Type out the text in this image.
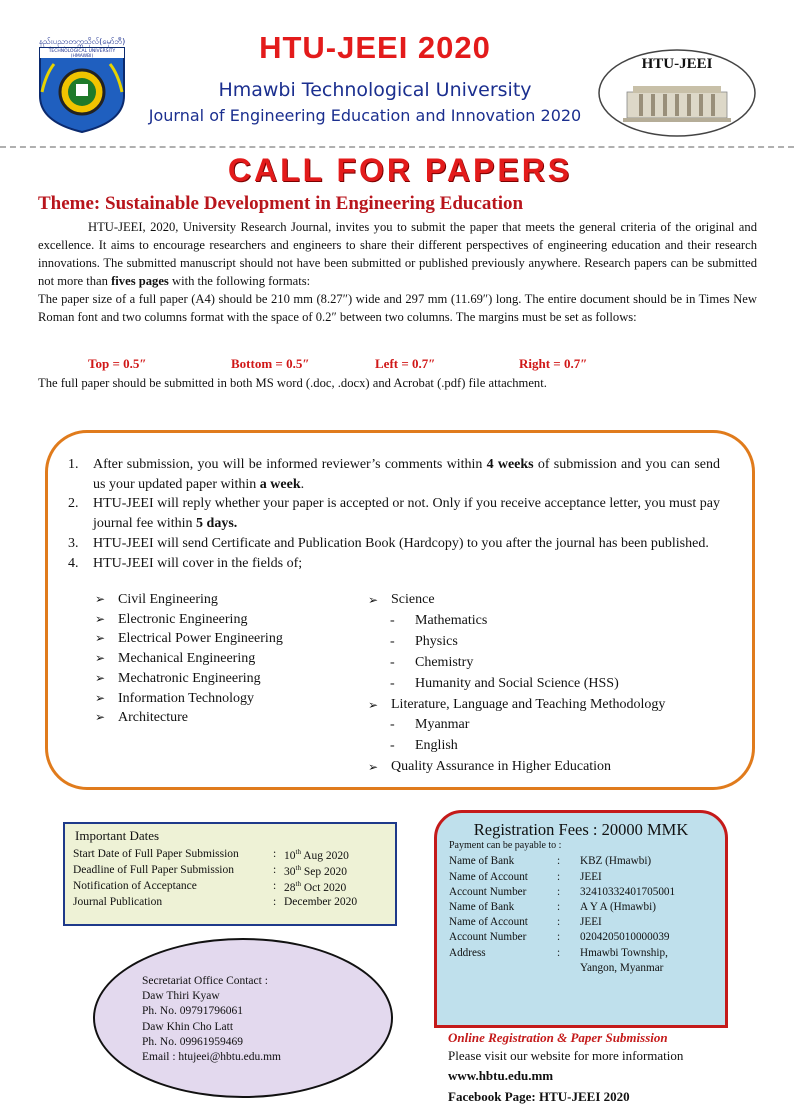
နည်းပညာတက္ကသိုလ်(မှော်ဘီ)
TECHNOLOGICAL UNIVERSITY (HMAWBI)	HTU-JEEI 2020
Hmawbi Technological University
Journal of Engineering Education and Innovation 2020
HTU-JEEI
CALL FOR PAPERS
Theme: Sustainable Development in Engineering Education

HTU-JEEI, 2020, University Research Journal, invites you to submit the paper that meets the general criteria of the original and excellence. It aims to encourage researchers and engineers to share their different perspectives of engineering education and their research innovations. The submitted manuscript should not have been submitted or published previously anywhere. Research papers can be submitted not more than fives pages with the following formats:

The paper size of a full paper (A4) should be 210 mm (8.27″) wide and 297 mm (11.69″) long. The entire document should be in Times New Roman font and two columns format with the space of 0.2″ between two columns. The margins must be set as follows:

Top = 0.5″	Bottom = 0.5″	Left = 0.7″	Right = 0.7″
The full paper should be submitted in both MS word (.doc, .docx) and Acrobat (.pdf) file attachment.
1. After submission, you will be informed reviewer’s comments within 4 weeks of submission and you can send us your updated paper within a week.
2. HTU-JEEI will reply whether your paper is accepted or not. Only if you receive acceptance letter, you must pay journal fee within 5 days.
3. HTU-JEEI will send Certificate and Publication Book (Hardcopy) to you after the journal has been published.
4. HTU-JEEI will cover in the fields of;
➢ Civil Engineering
➢ Electronic Engineering
➢ Electrical Power Engineering
➢ Mechanical Engineering
➢ Mechatronic Engineering
➢ Information Technology
➢ Architecture
➢ Science
- Mathematics
- Physics
- Chemistry
- Humanity and Social Science (HSS)
➢ Literature, Language and Teaching Methodology
- Myanmar
- English
➢ Quality Assurance in Higher Education
Important Dates
Start Date of Full Paper Submission	: 10th Aug 2020
Deadline of Full Paper Submission	: 30th Sep 2020
Notification of Acceptance	: 28th Oct 2020
Journal Publication	: December 2020
Secretariat Office Contact :
Daw Thiri Kyaw
Ph. No. 09791796061
Daw Khin Cho Latt
Ph. No. 09961959469
Email : htujeei@hbtu.edu.mm
Registration Fees : 20000 MMK
Payment can be payable to :
Name of Bank	: KBZ (Hmawbi)
Name of Account	: JEEI
Account Number	: 32410332401705001
Name of Bank	: A Y A (Hmawbi)
Name of Account	: JEEI
Account Number	: 0204205010000039
Address	: Hmawbi Township,
Yangon, Myanmar
Online Registration & Paper Submission
Please visit our website for more information
www.hbtu.edu.mm
Facebook Page: HTU-JEEI 2020
